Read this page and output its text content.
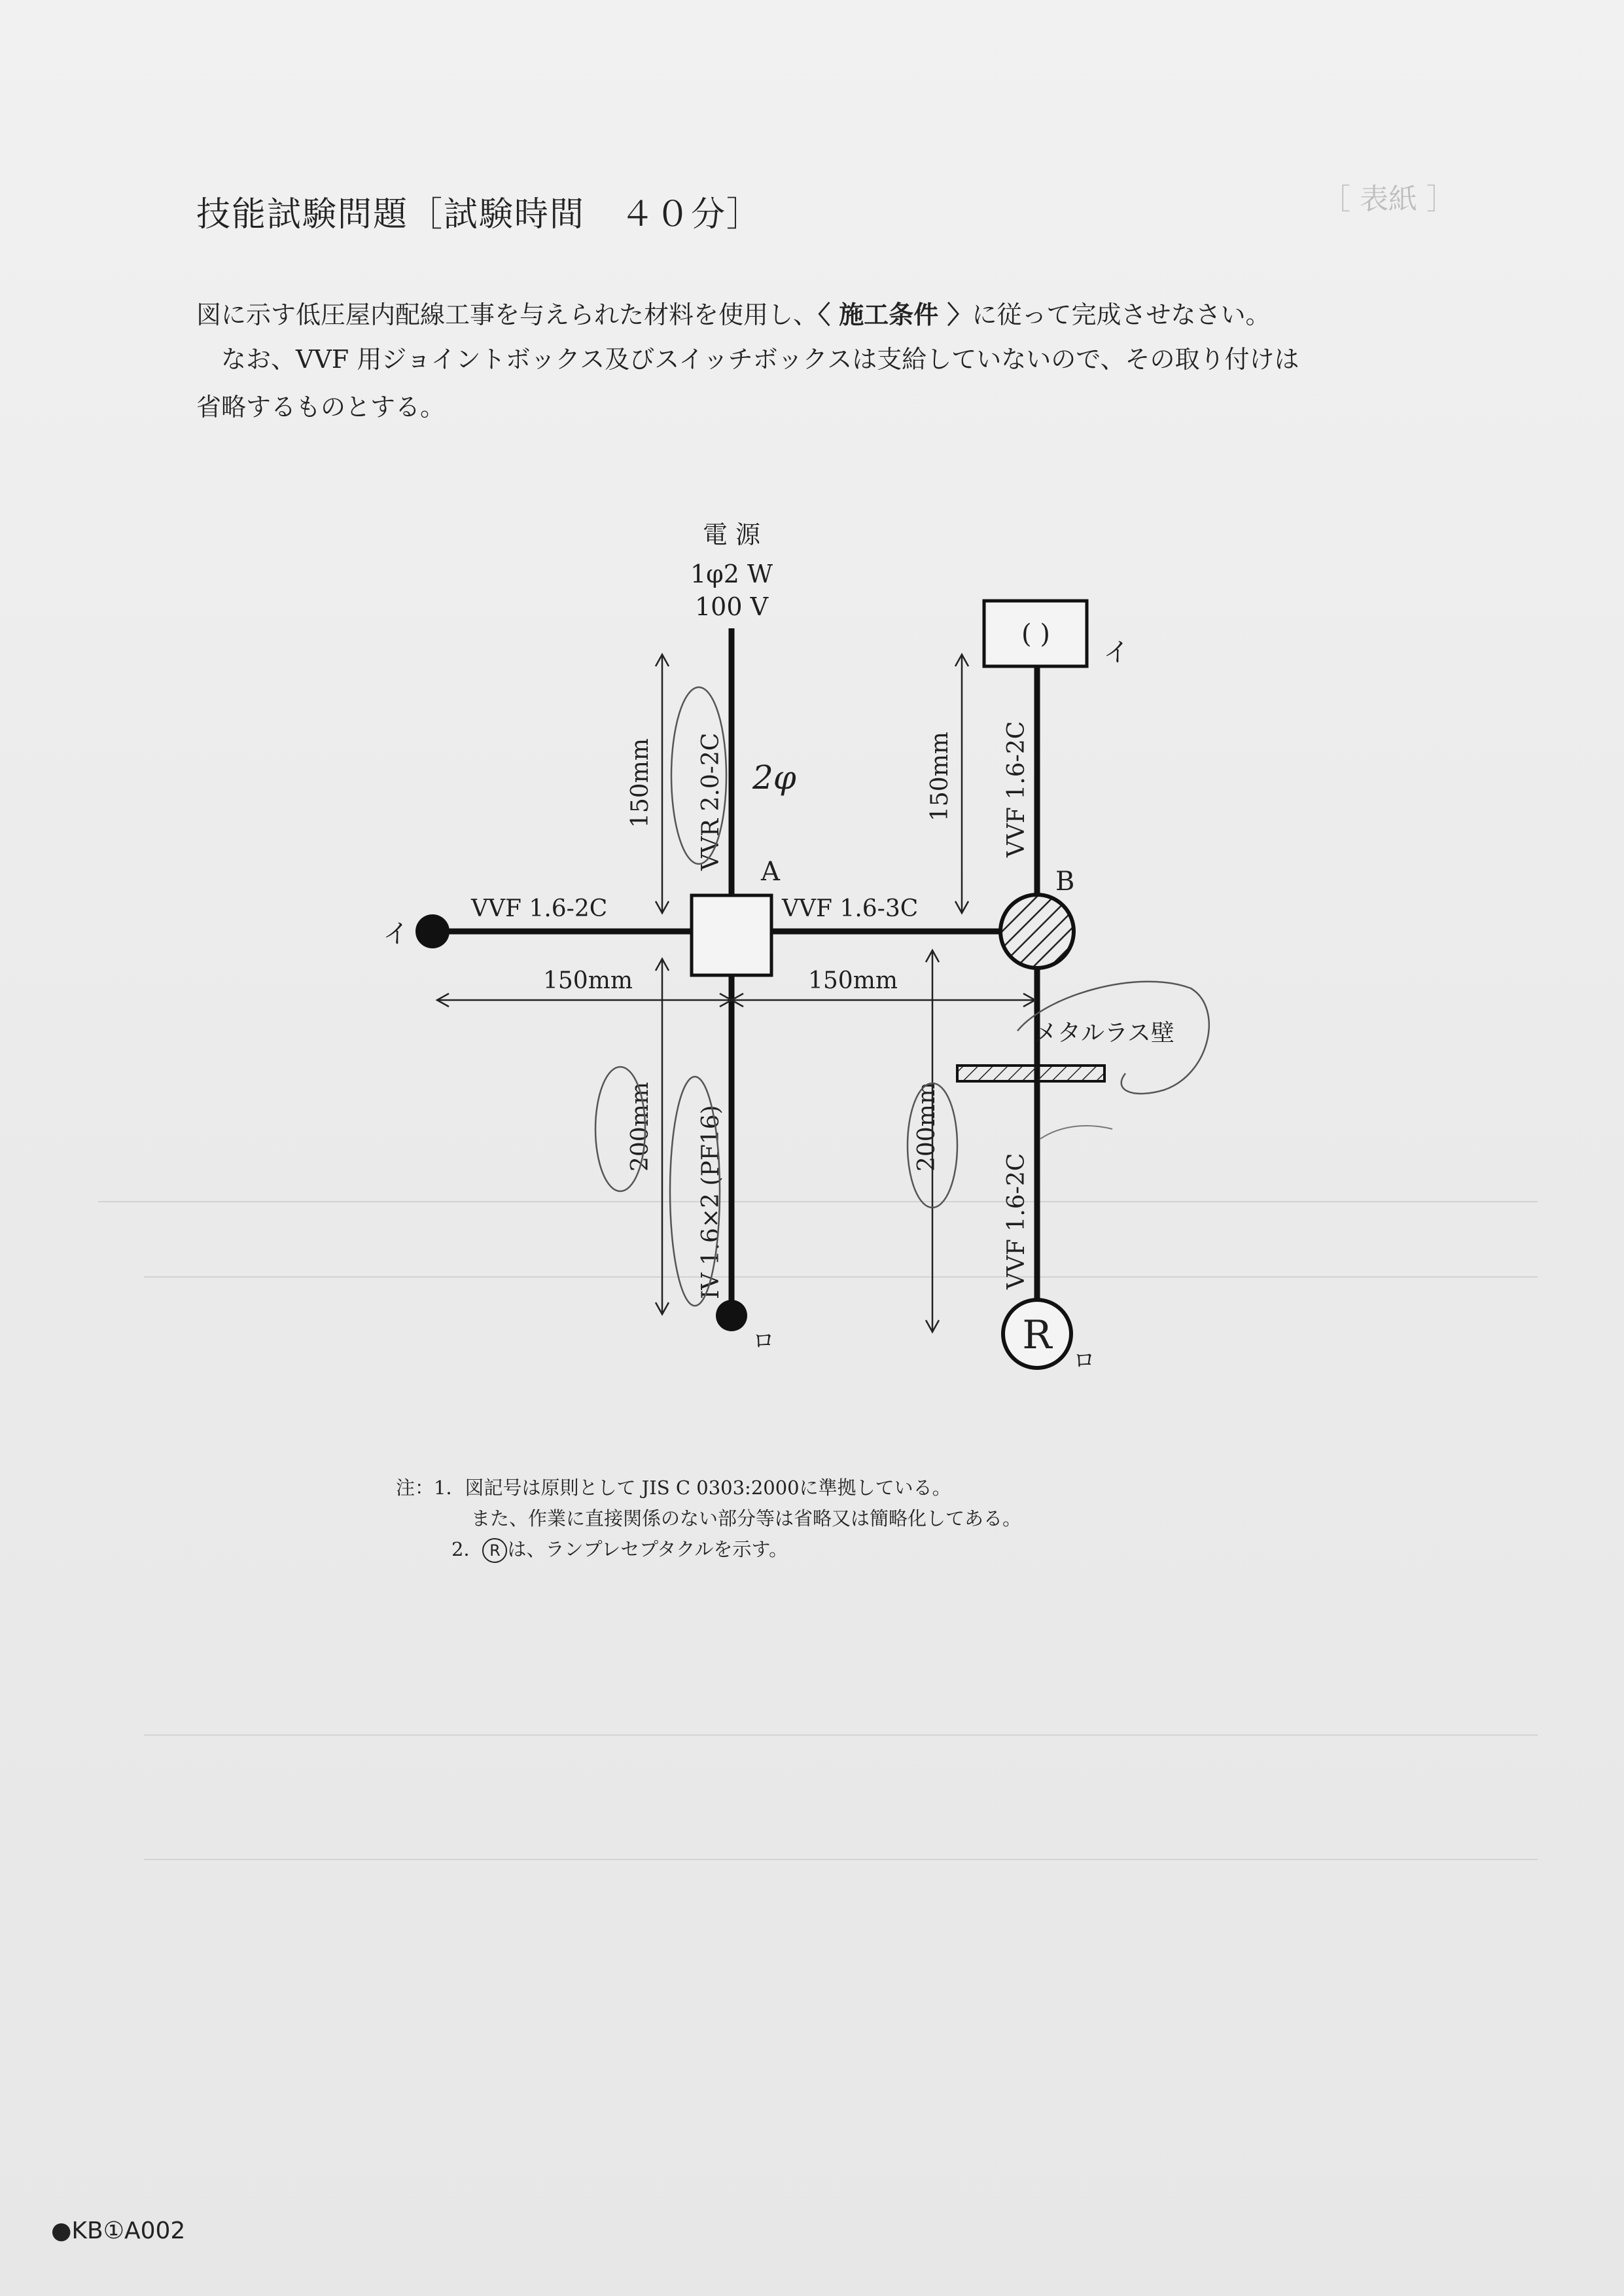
［ 表紙 ］
技能試験問題［試験時間　４０分］
図に示す低圧屋内配線工事を与えられた材料を使用し、〈 施工条件 〉に従って完成させなさい。
なお、VVF 用ジョイントボックス及びスイッチボックスは支給していないので、その取り付けは
省略するものとする。
電 源
1φ2 W
100 V
A
イ
VVF 1.6-2C	VVF 1.6-3C
B
( )
イ
R
ロ
メタルラス壁
ロ
VVR 2.0-2C	VVF 1.6-2C
IV 1.6×2 (PF16)	VVF 1.6-2C
150mm	150mm
150mm	150mm
200mm	200mm
2φ
注：1．図記号は原則として JIS C 0303:2000に準拠している。
また、作業に直接関係のない部分等は省略又は簡略化してある。
2． R は、ランプレセプタクルを示す。
●KB①A002
